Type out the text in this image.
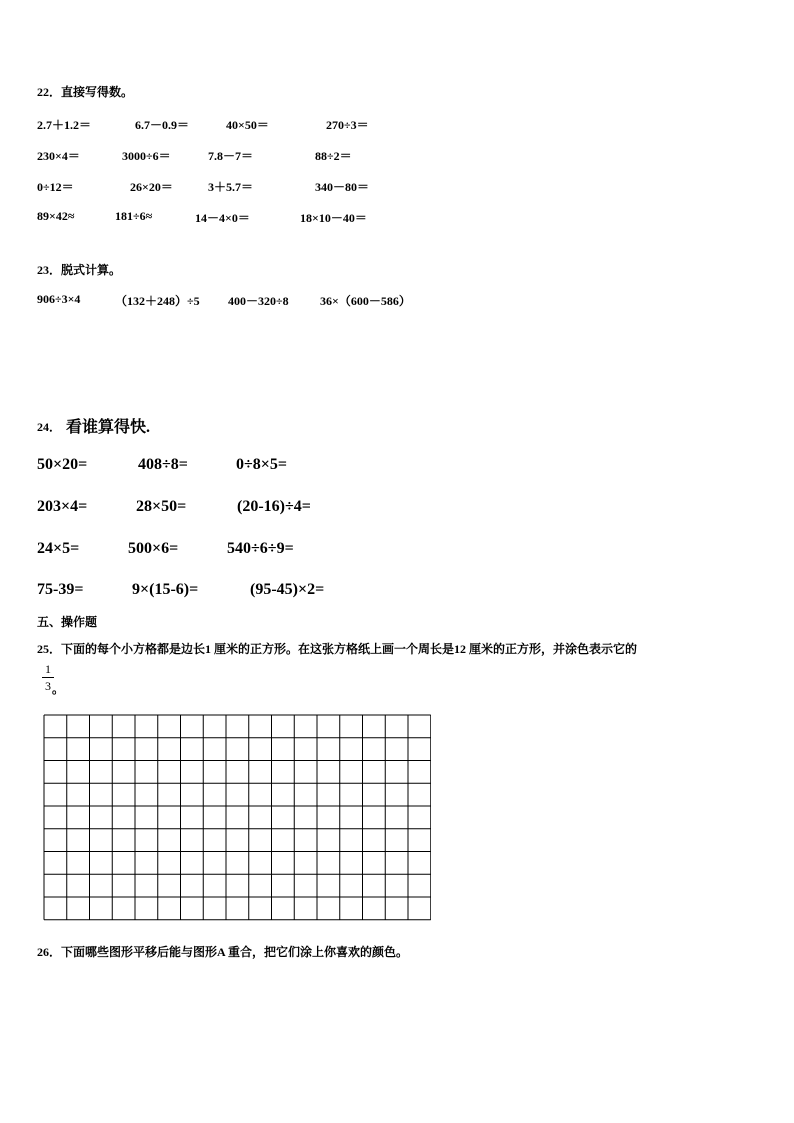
22．直接写得数。
2.7＋1.2＝	6.7－0.9＝	40×50＝	270÷3＝
230×4＝	3000÷6＝	7.8－7＝	88÷2＝
0÷12＝	26×20＝	3＋5.7＝	340－80＝
89×42≈	181÷6≈	14－4×0＝	18×10－40＝
23．脱式计算。
906÷3×4	（132＋248）÷5 400－320÷8	36×（600－586）
24． 看谁算得快.
50×20=	408÷8=	0÷8×5=
203×4=	28×50=	(20-16)÷4=
24×5=	500×6=	540÷6÷9=
75-39=	9×(15-6)=	(95-45)×2=
五、操作题
25．下面的每个小方格都是边长1 厘米的正方形。在这张方格纸上画一个周长是12 厘米的正方形，并涂色表示它的
1
3 。
26．下面哪些图形平移后能与图形A 重合，把它们涂上你喜欢的颜色。
